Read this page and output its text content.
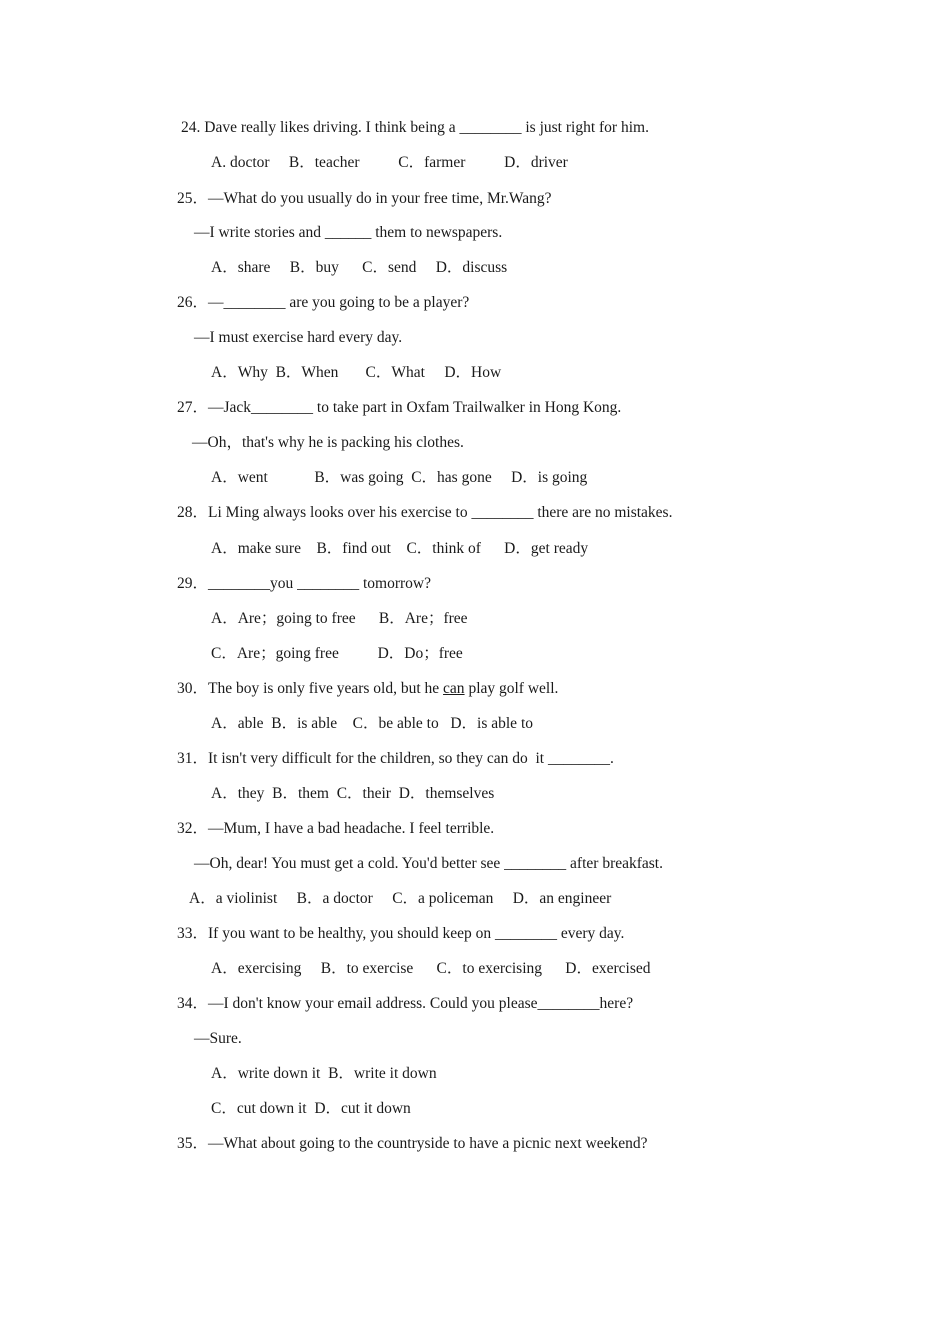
24. Dave really likes driving. I think being a ________ is just right for him.
A. doctor     B．teacher          C．farmer          D．driver
25．—What do you usually do in your free time, Mr.Wang?
—I write stories and ______ them to newspapers.
A．share     B．buy      C．send     D．discuss
26．—________ are you going to be a player?
—I must exercise hard every day.
A．Why  B．When       C．What     D．How
27．—Jack________ to take part in Oxfam Trailwalker in Hong Kong.
—Oh，that's why he is packing his clothes.
A．went            B．was going  C．has gone     D．is going
28．Li Ming always looks over his exercise to ________ there are no mistakes.
A．make sure    B．find out    C．think of      D．get ready
29．________you ________ tomorrow?
A．Are；going to free      B．Are；free
C．Are；going free          D．Do；free
30．The boy is only five years old, but he can play golf well.
A．able  B．is able    C．be able to   D．is able to
31．It isn't very difficult for the children, so they can do  it ________.
A．they  B．them  C．their  D．themselves
32．—Mum, I have a bad headache. I feel terrible.
—Oh, dear! You must get a cold. You'd better see ________ after breakfast.
A．a violinist     B．a doctor     C．a policeman     D．an engineer
33．If you want to be healthy, you should keep on ________ every day.
A．exercising     B．to exercise      C．to exercising      D．exercised
34．—I don't know your email address. Could you please________here?
—Sure.
A．write down it  B．write it down
C．cut down it  D．cut it down
35．—What about going to the countryside to have a picnic next weekend?
